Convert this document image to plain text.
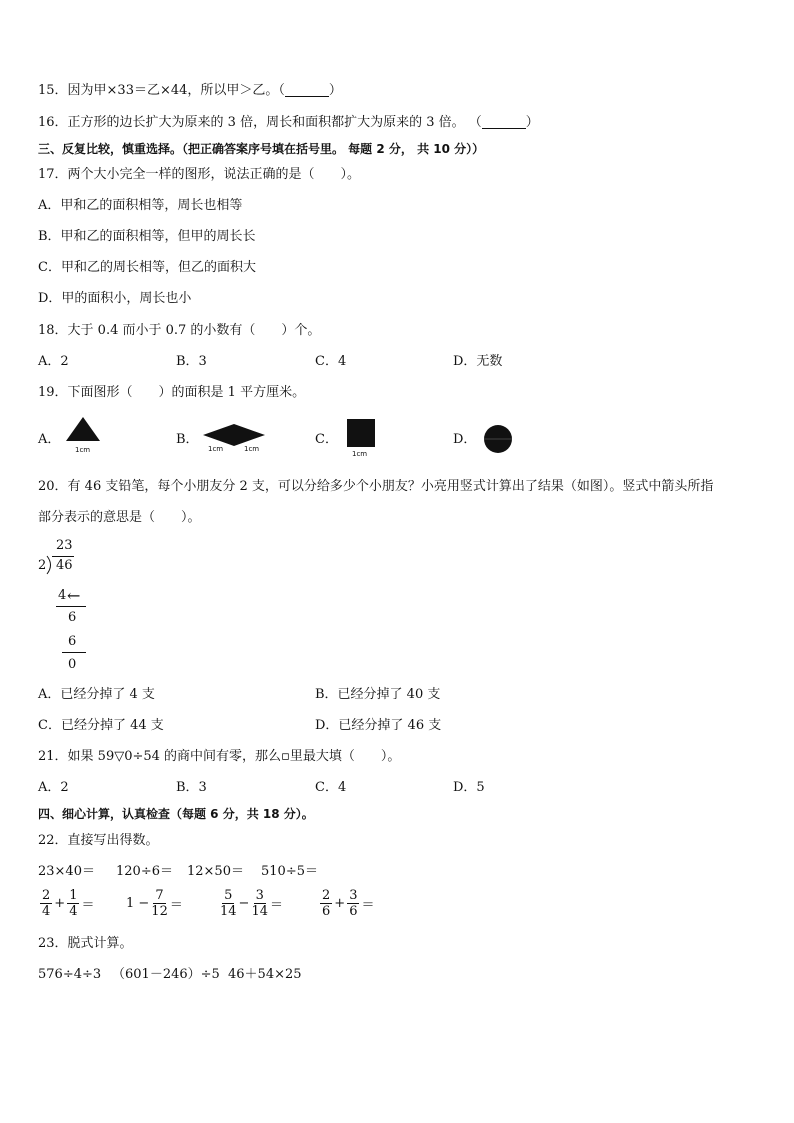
15．因为甲×33＝乙×44，所以甲＞乙。（	）
16．正方形的边长扩大为原来的 3 倍，周长和面积都扩大为原来的 3 倍。 （	）
三、反复比较，慎重选择。（把正确答案序号填在括号里。 每题 2 分， 共 10 分））
17．两个大小完全一样的图形，说法正确的是（　　）。
A．甲和乙的面积相等，周长也相等
B．甲和乙的面积相等，但甲的周长长
C．甲和乙的周长相等，但乙的面积大
D．甲的面积小，周长也小
18．大于 0.4 而小于 0.7 的小数有（　　）个。
A．2	B．3	C．4	D．无数
19．下面图形（　　）的面积是 1 平方厘米。
A．
1cm
B．
1cm	1cm
C．
1cm
D．
20．有 46 支铅笔，每个小朋友分 2 支，可以分给多少个小朋友？小亮用竖式计算出了结果（如图）。竖式中箭头所指
部分表示的意思是（　　）。
23
2 46
4 ←
6
6
0
A．已经分掉了 4 支	B．已经分掉了 40 支
C．已经分掉了 44 支	D．已经分掉了 46 支
21．如果 59▽0÷54 的商中间有零，那么▫里最大填（　　）。
A．2	B．3	C．4	D．5
四、细心计算，认真检查（每题 6 分，共 18 分）。
22．直接写出得数。
23×40＝ 120÷6＝ 12×50＝ 510÷5＝
$\frac{2}{4} + \frac{1}{4} = 1 - \frac{7}{12}$ ＝	$\frac{5}{14} - \frac{3}{14}$ ＝	$\frac{2}{6} + \frac{3}{6}$ ＝
23．脱式计算。
576÷4÷3 （601－246）÷5 46＋54×25
